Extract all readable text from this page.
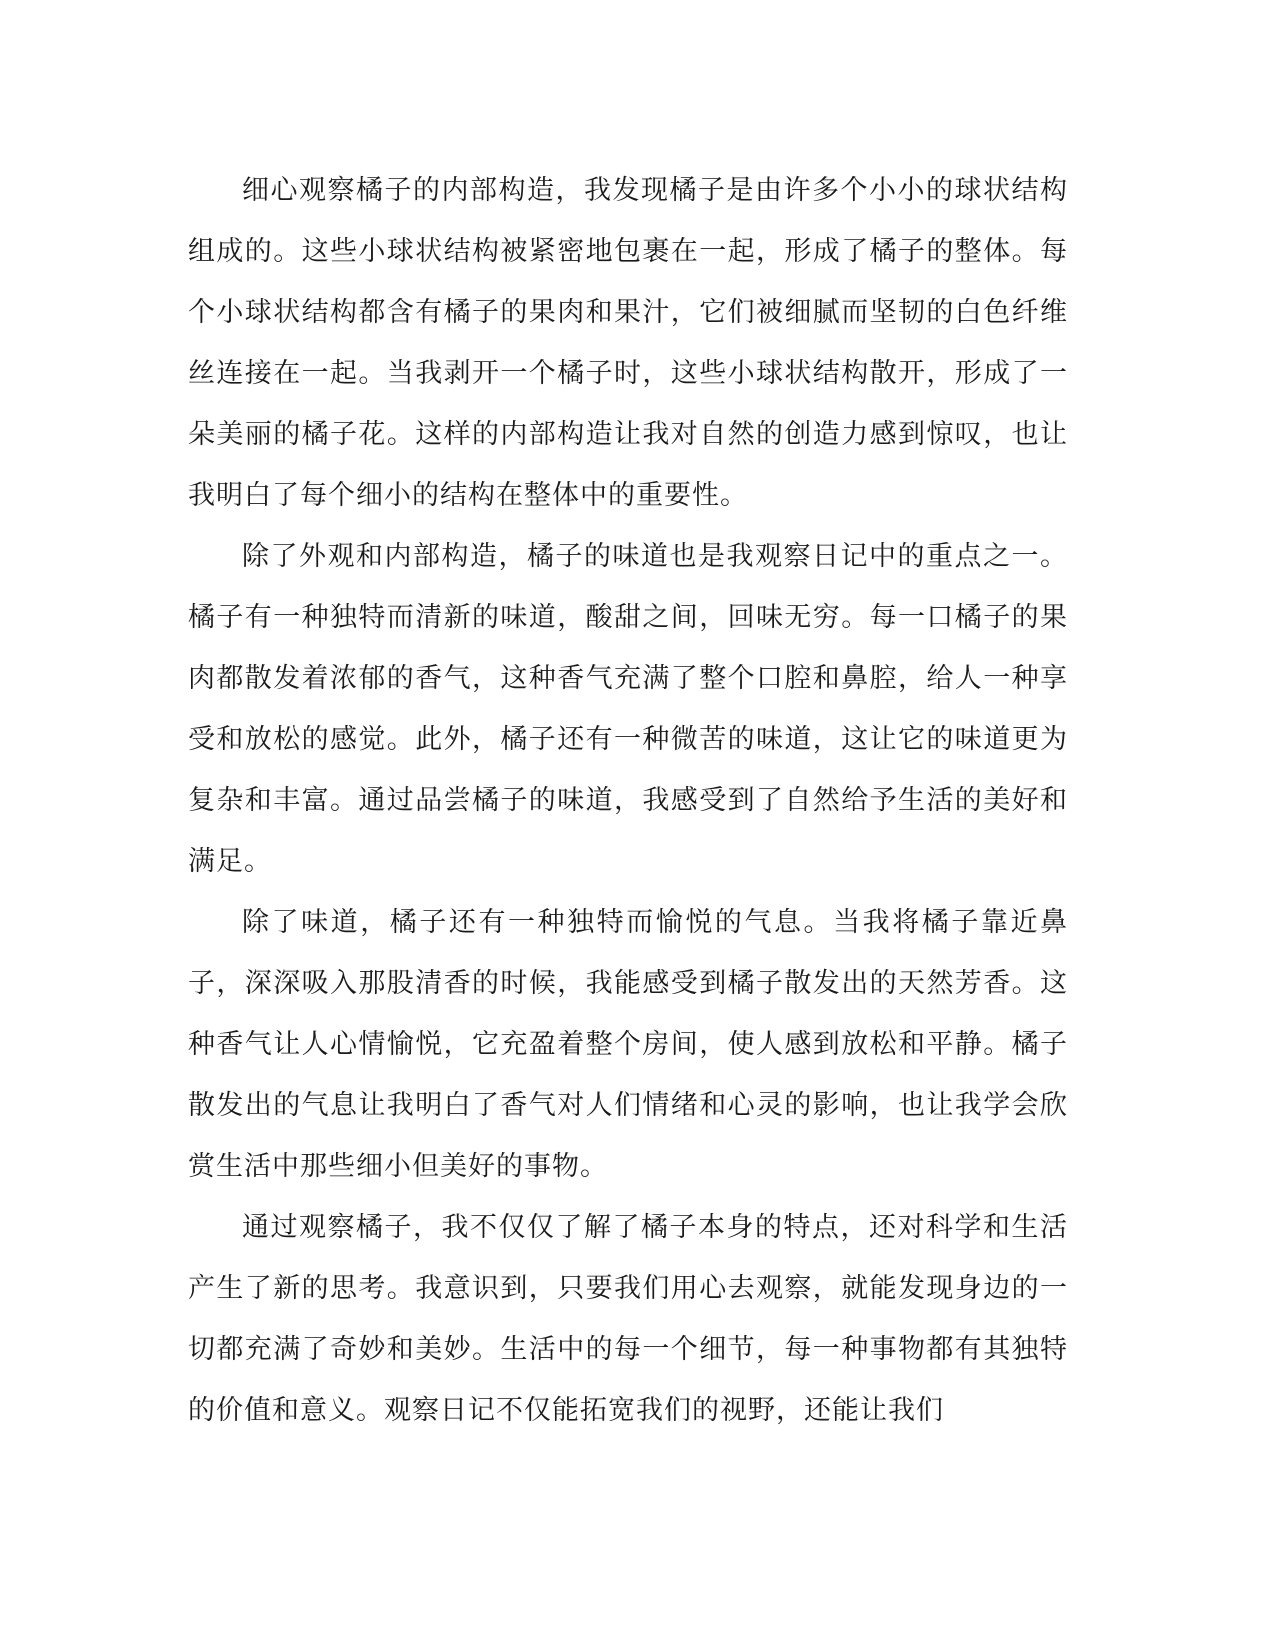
细心观察橘子的内部构造，我发现橘子是由许多个小小的球状结构组成的。这些小球状结构被紧密地包裹在一起，形成了橘子的整体。每个小球状结构都含有橘子的果肉和果汁，它们被细腻而坚韧的白色纤维丝连接在一起。当我剥开一个橘子时，这些小球状结构散开，形成了一朵美丽的橘子花。这样的内部构造让我对自然的创造力感到惊叹，也让我明白了每个细小的结构在整体中的重要性。

除了外观和内部构造，橘子的味道也是我观察日记中的重点之一。橘子有一种独特而清新的味道，酸甜之间，回味无穷。每一口橘子的果肉都散发着浓郁的香气，这种香气充满了整个口腔和鼻腔，给人一种享受和放松的感觉。此外，橘子还有一种微苦的味道，这让它的味道更为复杂和丰富。通过品尝橘子的味道，我感受到了自然给予生活的美好和满足。

除了味道，橘子还有一种独特而愉悦的气息。当我将橘子靠近鼻子，深深吸入那股清香的时候，我能感受到橘子散发出的天然芳香。这种香气让人心情愉悦，它充盈着整个房间，使人感到放松和平静。橘子散发出的气息让我明白了香气对人们情绪和心灵的影响，也让我学会欣赏生活中那些细小但美好的事物。

通过观察橘子，我不仅仅了解了橘子本身的特点，还对科学和生活产生了新的思考。我意识到，只要我们用心去观察，就能发现身边的一切都充满了奇妙和美妙。生活中的每一个细节，每一种事物都有其独特的价值和意义。观察日记不仅能拓宽我们的视野，还能让我们
